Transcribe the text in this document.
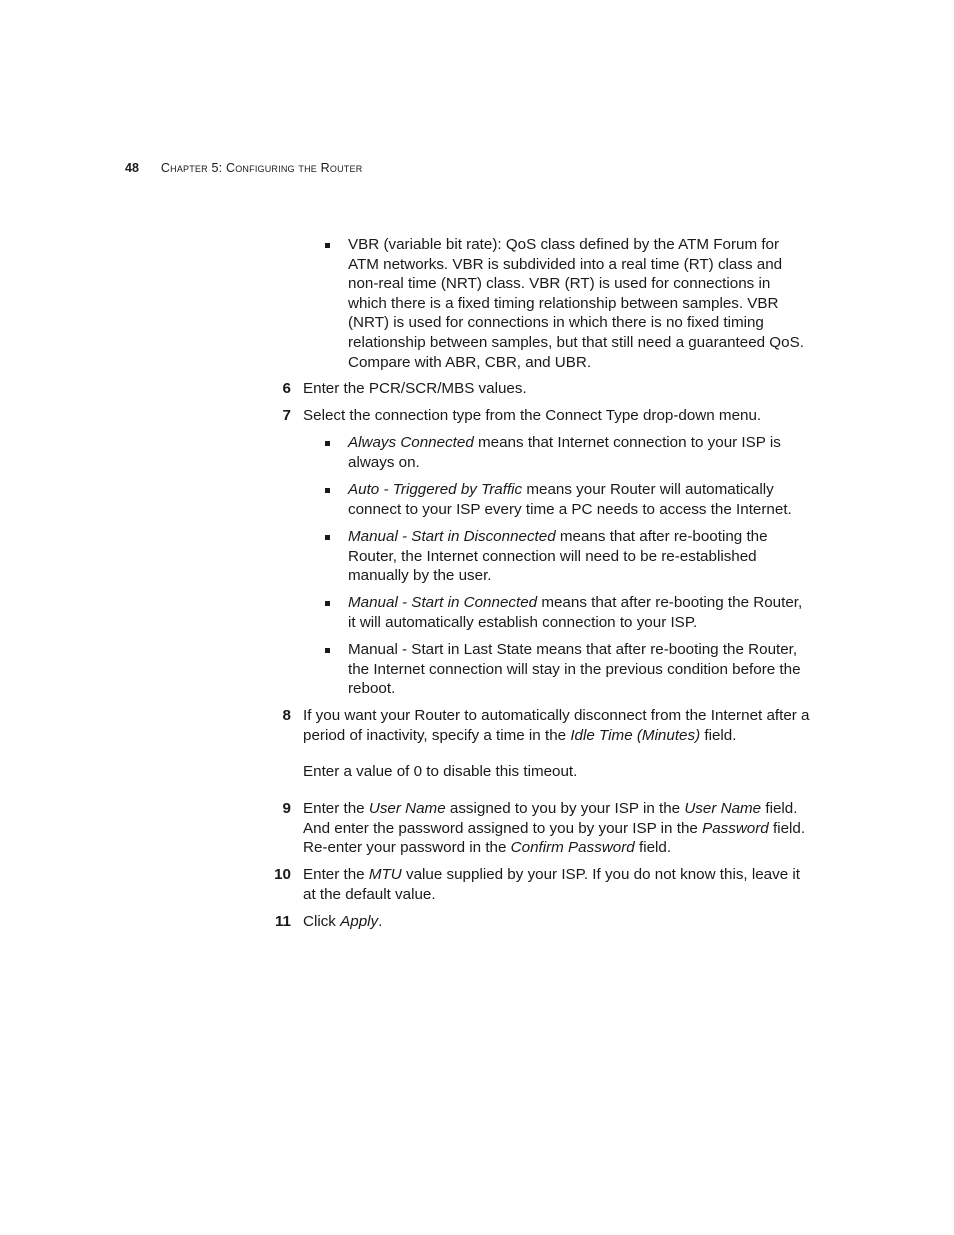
48 Chapter 5: Configuring the Router
VBR (variable bit rate): QoS class defined by the ATM Forum for ATM networks. VBR is subdivided into a real time (RT) class and non-real time (NRT) class. VBR (RT) is used for connections in which there is a fixed timing relationship between samples. VBR (NRT) is used for connections in which there is no fixed timing relationship between samples, but that still need a guaranteed QoS. Compare with ABR, CBR, and UBR.
6 Enter the PCR/SCR/MBS values.
7 Select the connection type from the Connect Type drop-down menu.
Always Connected means that Internet connection to your ISP is always on.
Auto - Triggered by Traffic means your Router will automatically connect to your ISP every time a PC needs to access the Internet.
Manual - Start in Disconnected means that after re-booting the Router, the Internet connection will need to be re-established manually by the user.
Manual - Start in Connected means that after re-booting the Router, it will automatically establish connection to your ISP.
Manual - Start in Last State means that after re-booting the Router, the Internet connection will stay in the previous condition before the reboot.
8 If you want your Router to automatically disconnect from the Internet after a period of inactivity, specify a time in the Idle Time (Minutes) field.
Enter a value of 0 to disable this timeout.
9 Enter the User Name assigned to you by your ISP in the User Name field. And enter the password assigned to you by your ISP in the Password field. Re-enter your password in the Confirm Password field.
10 Enter the MTU value supplied by your ISP. If you do not know this, leave it at the default value.
11 Click Apply.
